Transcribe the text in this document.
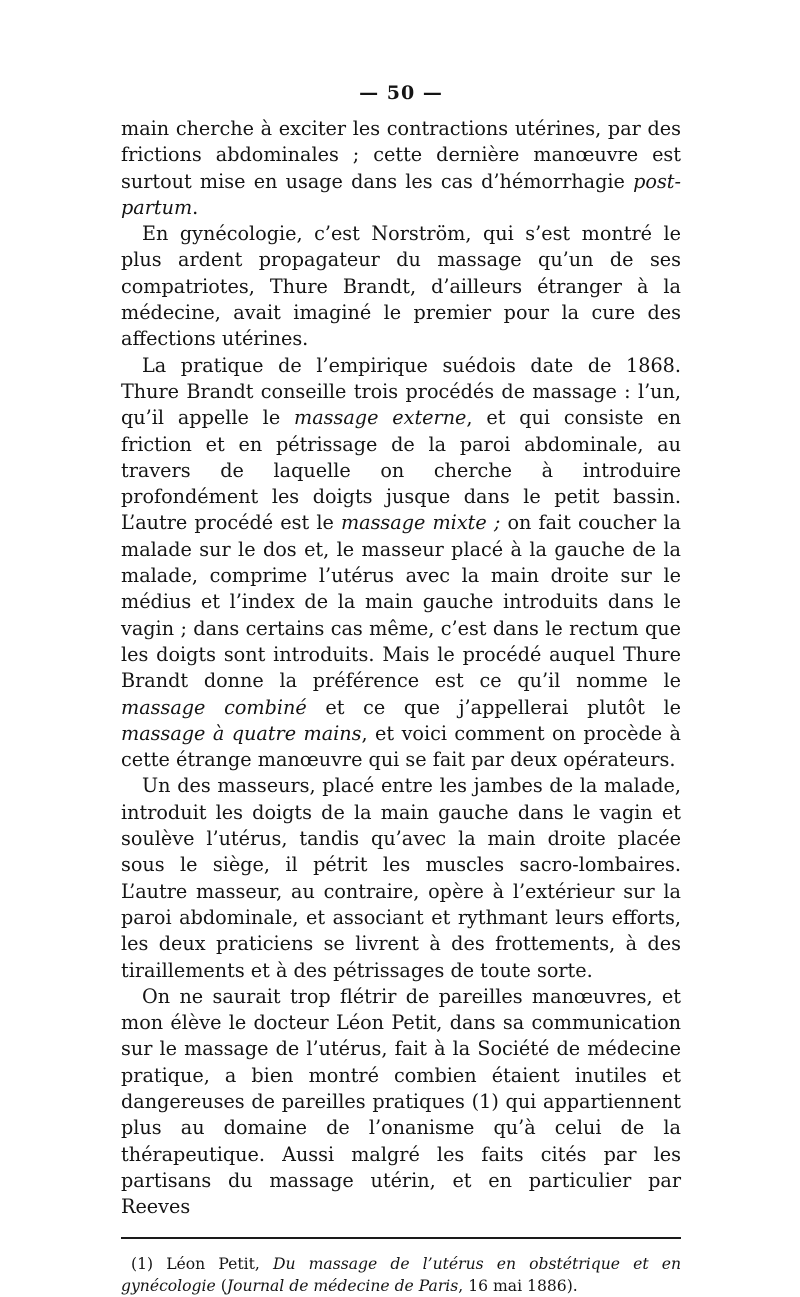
— 50 —

main cherche à exciter les contractions utérines, par des frictions abdominales ; cette dernière manœuvre est surtout mise en usage dans les cas d’hémorrhagie post-partum.

En gynécologie, c’est Norström, qui s’est montré le plus ardent propagateur du massage qu’un de ses compatriotes, Thure Brandt, d’ailleurs étranger à la médecine, avait imaginé le premier pour la cure des affections utérines.

La pratique de l’empirique suédois date de 1868. Thure Brandt conseille trois procédés de massage : l’un, qu’il appelle le massage externe, et qui consiste en friction et en pétrissage de la paroi abdominale, au travers de laquelle on cherche à introduire profondément les doigts jusque dans le petit bassin. L’autre procédé est le massage mixte ; on fait coucher la malade sur le dos et, le masseur placé à la gauche de la malade, comprime l’utérus avec la main droite sur le médius et l’index de la main gauche introduits dans le vagin ; dans certains cas même, c’est dans le rectum que les doigts sont introduits. Mais le procédé auquel Thure Brandt donne la préférence est ce qu’il nomme le massage combiné et ce que j’appellerai plutôt le massage à quatre mains, et voici comment on procède à cette étrange manœuvre qui se fait par deux opérateurs.

Un des masseurs, placé entre les jambes de la malade, introduit les doigts de la main gauche dans le vagin et soulève l’utérus, tandis qu’avec la main droite placée sous le siège, il pétrit les muscles sacro-lombaires. L’autre masseur, au contraire, opère à l’extérieur sur la paroi abdominale, et associant et rythmant leurs efforts, les deux praticiens se livrent à des frottements, à des tiraillements et à des pétrissages de toute sorte.

On ne saurait trop flétrir de pareilles manœuvres, et mon élève le docteur Léon Petit, dans sa communication sur le massage de l’utérus, fait à la Société de médecine pratique, a bien montré combien étaient inutiles et dangereuses de pareilles pratiques (1) qui appartiennent plus au domaine de l’onanisme qu’à celui de la thérapeutique. Aussi malgré les faits cités par les partisans du massage utérin, et en particulier par Reeves

(1) Léon Petit, Du massage de l’utérus en obstétrique et en gynécologie (Journal de médecine de Paris, 16 mai 1886).
